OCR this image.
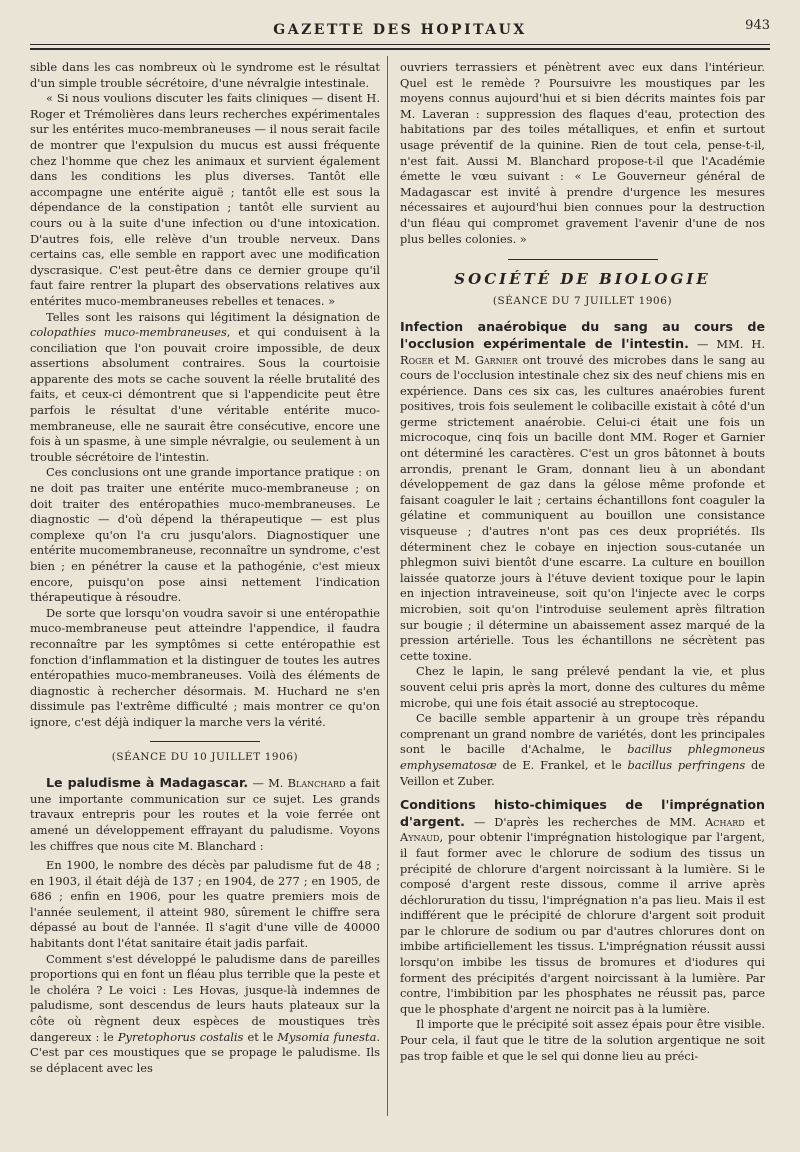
GAZETTE DES HOPITAUX	943

sible dans les cas nombreux où le syndrome est le résultat d'un simple trouble sécrétoire, d'une névralgie intestinale.

« Si nous voulions discuter les faits cliniques — disent H. Roger et Trémolières dans leurs recherches expérimentales sur les entérites muco-membraneuses — il nous serait facile de montrer que l'expulsion du mucus est aussi fréquente chez l'homme que chez les animaux et survient également dans les conditions les plus diverses. Tantôt elle accompagne une entérite aiguë ; tantôt elle est sous la dépendance de la constipation ; tantôt elle survient au cours ou à la suite d'une infection ou d'une intoxication. D'autres fois, elle relève d'un trouble nerveux. Dans certains cas, elle semble en rapport avec une modification dyscrasique. C'est peut-être dans ce dernier groupe qu'il faut faire rentrer la plupart des observations relatives aux entérites muco-membraneuses rebelles et tenaces. »

Telles sont les raisons qui légitiment la désignation de colopathies muco-membraneuses, et qui conduisent à la conciliation que l'on pouvait croire impossible, de deux assertions absolument contraires. Sous la courtoisie apparente des mots se cache souvent la réelle brutalité des faits, et ceux-ci démontrent que si l'appendicite peut être parfois le résultat d'une véritable entérite muco-membraneuse, elle ne saurait être consécutive, encore une fois à un spasme, à une simple névralgie, ou seulement à un trouble sécrétoire de l'intestin.

Ces conclusions ont une grande importance pratique : on ne doit pas traiter une entérite muco-membraneuse ; on doit traiter des entéropathies muco-membraneuses. Le diagnostic — d'où dépend la thérapeutique — est plus complexe qu'on l'a cru jusqu'alors. Diagnostiquer une entérite mucomembraneuse, reconnaître un syndrome, c'est bien ; en pénétrer la cause et la pathogénie, c'est mieux encore, puisqu'on pose ainsi nettement l'indication thérapeutique à résoudre.

De sorte que lorsqu'on voudra savoir si une entéropathie muco-membraneuse peut atteindre l'appendice, il faudra reconnaître par les symptômes si cette entéropathie est fonction d'inflammation et la distinguer de toutes les autres entéropathies muco-membraneuses. Voilà des éléments de diagnostic à rechercher désormais. M. Huchard ne s'en dissimule pas l'extrême difficulté ; mais montrer ce qu'on ignore, c'est déjà indiquer la marche vers la vérité.

(SÉANCE DU 10 JUILLET 1906)

Le paludisme à Madagascar. — M. Blanchard a fait une importante communication sur ce sujet. Les grands travaux entrepris pour les routes et la voie ferrée ont amené un développement effrayant du paludisme. Voyons les chiffres que nous cite M. Blanchard :

En 1900, le nombre des décès par paludisme fut de 48 ; en 1903, il était déjà de 137 ; en 1904, de 277 ; en 1905, de 686 ; enfin en 1906, pour les quatre premiers mois de l'année seulement, il atteint 980, sûrement le chiffre sera dépassé au bout de l'année. Il s'agit d'une ville de 40000 habitants dont l'état sanitaire était jadis parfait.

Comment s'est développé le paludisme dans de pareilles proportions qui en font un fléau plus terrible que la peste et le choléra ? Le voici : Les Hovas, jusque-là indemnes de paludisme, sont descendus de leurs hauts plateaux sur la côte où règnent deux espèces de moustiques très dangereux : le Pyretophorus costalis et le Mysomia funesta. C'est par ces moustiques que se propage le paludisme. Ils se déplacent avec les

ouvriers terrassiers et pénètrent avec eux dans l'intérieur. Quel est le remède ? Poursuivre les moustiques par les moyens connus aujourd'hui et si bien décrits maintes fois par M. Laveran : suppression des flaques d'eau, protection des habitations par des toiles métalliques, et enfin et surtout usage préventif de la quinine. Rien de tout cela, pense-t-il, n'est fait. Aussi M. Blanchard propose-t-il que l'Académie émette le vœu suivant : « Le Gouverneur général de Madagascar est invité à prendre d'urgence les mesures nécessaires et aujourd'hui bien connues pour la destruction d'un fléau qui compromet gravement l'avenir d'une de nos plus belles colonies. »

SOCIÉTÉ DE BIOLOGIE

(SÉANCE DU 7 JUILLET 1906)

Infection anaérobique du sang au cours de l'occlusion expérimentale de l'intestin. — MM. H. Roger et M. Garnier ont trouvé des microbes dans le sang au cours de l'occlusion intestinale chez six des neuf chiens mis en expérience. Dans ces six cas, les cultures anaérobies furent positives, trois fois seulement le colibacille existait à côté d'un germe strictement anaérobie. Celui-ci était une fois un microcoque, cinq fois un bacille dont MM. Roger et Garnier ont déterminé les caractères. C'est un gros bâtonnet à bouts arrondis, prenant le Gram, donnant lieu à un abondant développement de gaz dans la gélose même profonde et faisant coaguler le lait ; certains échantillons font coaguler la gélatine et communiquent au bouillon une consistance visqueuse ; d'autres n'ont pas ces deux propriétés. Ils déterminent chez le cobaye en injection sous-cutanée un phlegmon suivi bientôt d'une escarre. La culture en bouillon laissée quatorze jours à l'étuve devient toxique pour le lapin en injection intraveineuse, soit qu'on l'injecte avec le corps microbien, soit qu'on l'introduise seulement après filtration sur bougie ; il détermine un abaissement assez marqué de la pression artérielle. Tous les échantillons ne sécrètent pas cette toxine.

Chez le lapin, le sang prélevé pendant la vie, et plus souvent celui pris après la mort, donne des cultures du même microbe, qui une fois était associé au streptocoque.

Ce bacille semble appartenir à un groupe très répandu comprenant un grand nombre de variétés, dont les principales sont le bacille d'Achalme, le bacillus phlegmoneus emphysematosæ de E. Frankel, et le bacillus perfringens de Veillon et Zuber.

Conditions histo-chimiques de l'imprégnation d'argent. — D'après les recherches de MM. Achard et Aynaud, pour obtenir l'imprégnation histologique par l'argent, il faut former avec le chlorure de sodium des tissus un précipité de chlorure d'argent noircissant à la lumière. Si le composé d'argent reste dissous, comme il arrive après déchloruration du tissu, l'imprégnation n'a pas lieu. Mais il est indifférent que le précipité de chlorure d'argent soit produit par le chlorure de sodium ou par d'autres chlorures dont on imbibe artificiellement les tissus. L'imprégnation réussit aussi lorsqu'on imbibe les tissus de bromures et d'iodures qui forment des précipités d'argent noircissant à la lumière. Par contre, l'imbibition par les phosphates ne réussit pas, parce que le phosphate d'argent ne noircit pas à la lumière.

Il importe que le précipité soit assez épais pour être visible. Pour cela, il faut que le titre de la solution argentique ne soit pas trop faible et que le sel qui donne lieu au préci-
